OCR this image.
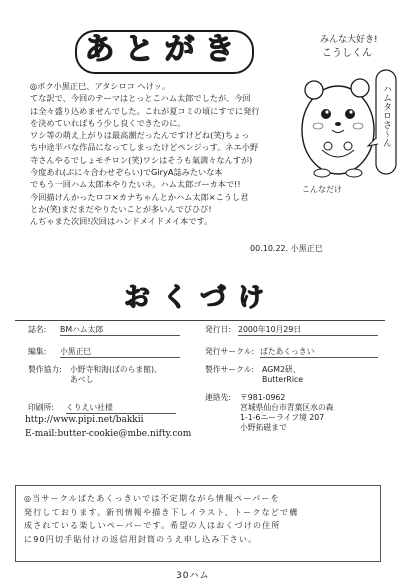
あとがき
◎ボク小黒正巳、アタシロコ ヘけッ。
てな訳で、今回のテーマはとっとこハム太郎でしたが、今回
は全々盛り込めませんでした。これが夏コミの頃にすでに発行
を決めていればもう少し良くできたのに。
ワシ等の萌え上がりは最高潮だったんですけどね(笑)ちょっ
ち中途半パな作品になってしまったけどペンジっす。ネエ小野
寺さんやるでしょモチロン(笑)ワシはそうも氣満々なんすが)
今度あれ(ぷに々合わせぞらい)でGiryA誌みたいな本
でもう一回ハム太郎本やりたいネ。ハム太郎ゴーカ本で!!
今回描けんかったロコ×カナちゃんとかハム太郎×こうし君
とか(笑)まだまだやりたいことが多いんでびひび!
んぢゃまた次回!次回はハンドメイドメイ本です。
00.10.22. 小黒正巳
みんな大好き!
こうしくん
ハムタロさ〜ん
こんなだけ
おくづけ
誌名: BMハム太郎
編集: 小黒正巳
製作協力: 小野寺和海(ぱのらま館)、
あべし
印刷所: くりえい社様
発行日: 2000年10月29日
発行サークル: ばたあくっきい
製作サークル: AGM2研、
ButterRice
連絡先: 〒981-0962
宮城県仙台市青葉区水の森
1-1-6ニーライフ境 207
小野拓磁まで
http://www.pipi.net/bakkii
E-mail:butter-cookie@mbe.nifty.com
◎当サークルばたあくっきいでは不定期ながら情報ペーパーを
発行しております。新刊情報や描き下しイラスト、トークなどで構
成されている楽しいペーパーです。希望の人はおくづけの住所
に90円切手貼付けの返信用封筒のうえ申し込み下さい。
30ハム
